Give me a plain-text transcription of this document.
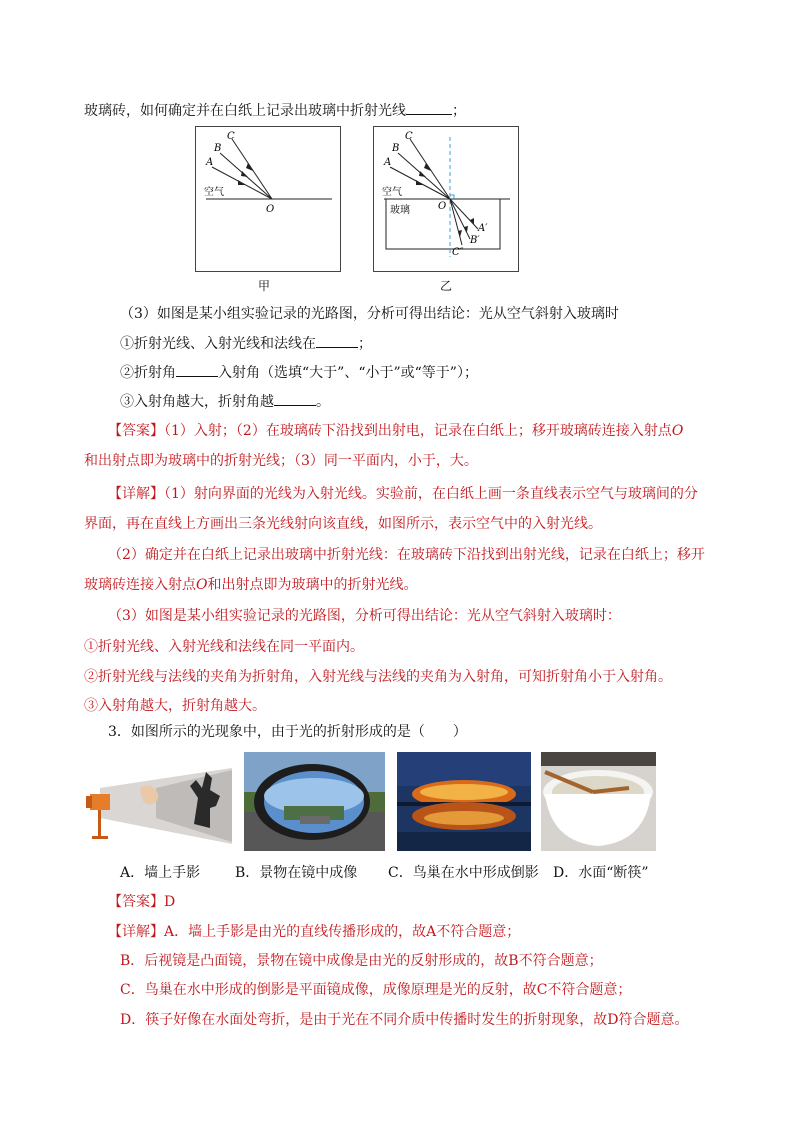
玻璃砖，如何确定并在白纸上记录出玻璃中折射光线	；
C
B
A
空气
O
甲
C
B
A
空气
玻璃	O
A′
B′
C″
乙
（3）如图是某小组实验记录的光路图，分析可得出结论：光从空气斜射入玻璃时
①折射光线、入射光线和法线在	；
②折射角	入射角（选填“大于”、“小于”或“等于”）；
③入射角越大，折射角越	。
【答案】（1）入射；（2）在玻璃砖下沿找到出射电，记录在白纸上；移开玻璃砖连接入射点O
和出射点即为玻璃中的折射光线；（3）同一平面内，小于，大。
【详解】（1）射向界面的光线为入射光线。实验前，在白纸上画一条直线表示空气与玻璃间的分
界面，再在直线上方画出三条光线射向该直线，如图所示，表示空气中的入射光线。
（2）确定并在白纸上记录出玻璃中折射光线：在玻璃砖下沿找到出射光线，记录在白纸上；移开
玻璃砖连接入射点O和出射点即为玻璃中的折射光线。
（3）如图是某小组实验记录的光路图，分析可得出结论：光从空气斜射入玻璃时：
①折射光线、入射光线和法线在同一平面内。
②折射光线与法线的夹角为折射角，入射光线与法线的夹角为入射角，可知折射角小于入射角。
③入射角越大，折射角越大。
3．如图所示的光现象中，由于光的折射形成的是（　　）
A．墙上手影 B．景物在镜中成像 C．鸟巢在水中形成倒影 D．水面“断筷”
【答案】D
【详解】A．墙上手影是由光的直线传播形成的，故A不符合题意；
B．后视镜是凸面镜，景物在镜中成像是由光的反射形成的，故B不符合题意；
C．鸟巢在水中形成的倒影是平面镜成像，成像原理是光的反射，故C不符合题意；
D．筷子好像在水面处弯折，是由于光在不同介质中传播时发生的折射现象，故D符合题意。
